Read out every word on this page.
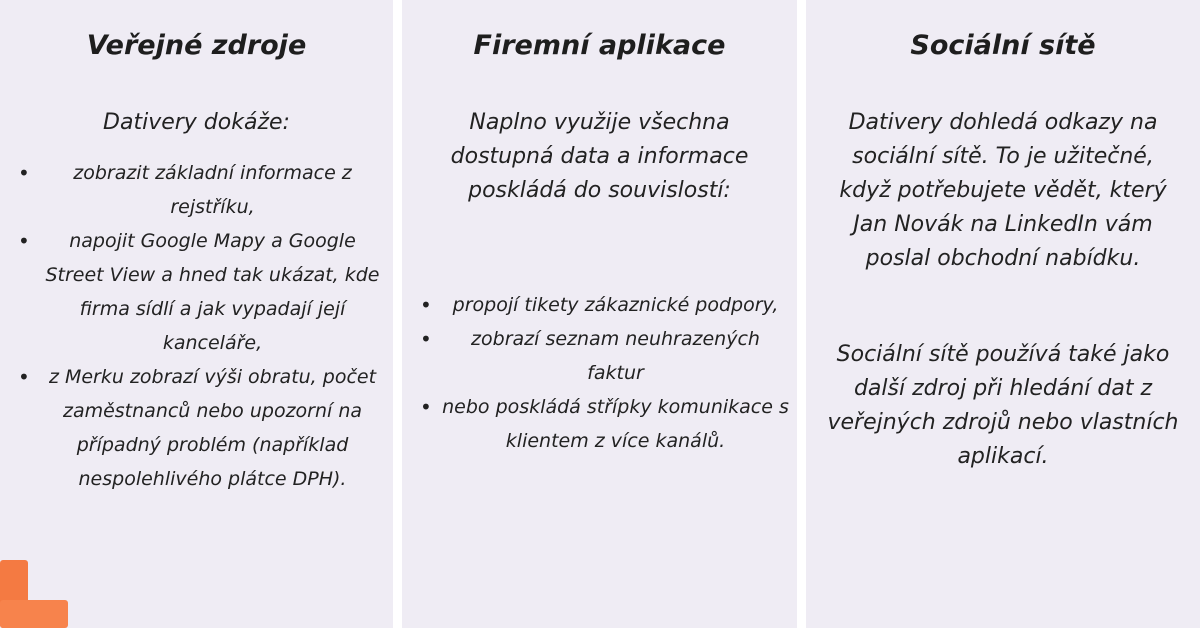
Veřejné zdroje

Dativery dokáže:

•	zobrazit základní informace z rejstříku,
•	napojit Google Mapy a Google Street View a hned tak ukázat, kde firma sídlí a jak vypadají její kanceláře,
•	z Merku zobrazí výši obratu, počet zaměstnanců nebo upozorní na případný problém (například nespolehlivého plátce DPH).
Firemní aplikace

Naplno využije všechna dostupná data a informace poskládá do souvislostí:

•	propojí tikety zákaznické podpory,
•	zobrazí seznam neuhrazených faktur
• nebo poskládá střípky komunikace s klientem z více kanálů.
Sociální sítě

Dativery dohledá odkazy na sociální sítě. To je užitečné, když potřebujete vědět, který Jan Novák na LinkedIn vám poslal obchodní nabídku.

Sociální sítě používá také jako další zdroj při hledání dat z veřejných zdrojů nebo vlastních aplikací.
